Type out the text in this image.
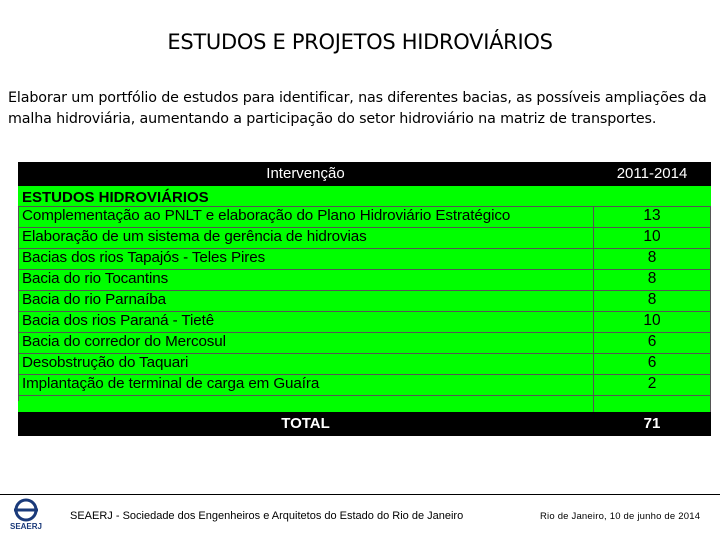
ESTUDOS E PROJETOS HIDROVIÁRIOS

Elaborar um portfólio de estudos para identificar, nas diferentes bacias, as possíveis ampliações da malha hidroviária, aumentando a participação do setor hidroviário na matriz de transportes.

Intervenção	2011-2014
ESTUDOS HIDROVIÁRIOS
Complementação ao PNLT e elaboração do Plano Hidroviário Estratégico	13
Elaboração de um sistema de gerência de hidrovias	10
Bacias dos rios Tapajós - Teles Pires	8
Bacia do rio Tocantins	8
Bacia do rio Parnaíba	8
Bacia dos rios Paraná - Tietê	10
Bacia do corredor do Mercosul	6
Desobstrução do Taquari	6
Implantação de terminal de carga em Guaíra	2
TOTAL	71
SEAERJ
SEAERJ - Sociedade dos Engenheiros e Arquitetos do Estado do Rio de Janeiro	Rio de Janeiro, 10 de junho de 2014
